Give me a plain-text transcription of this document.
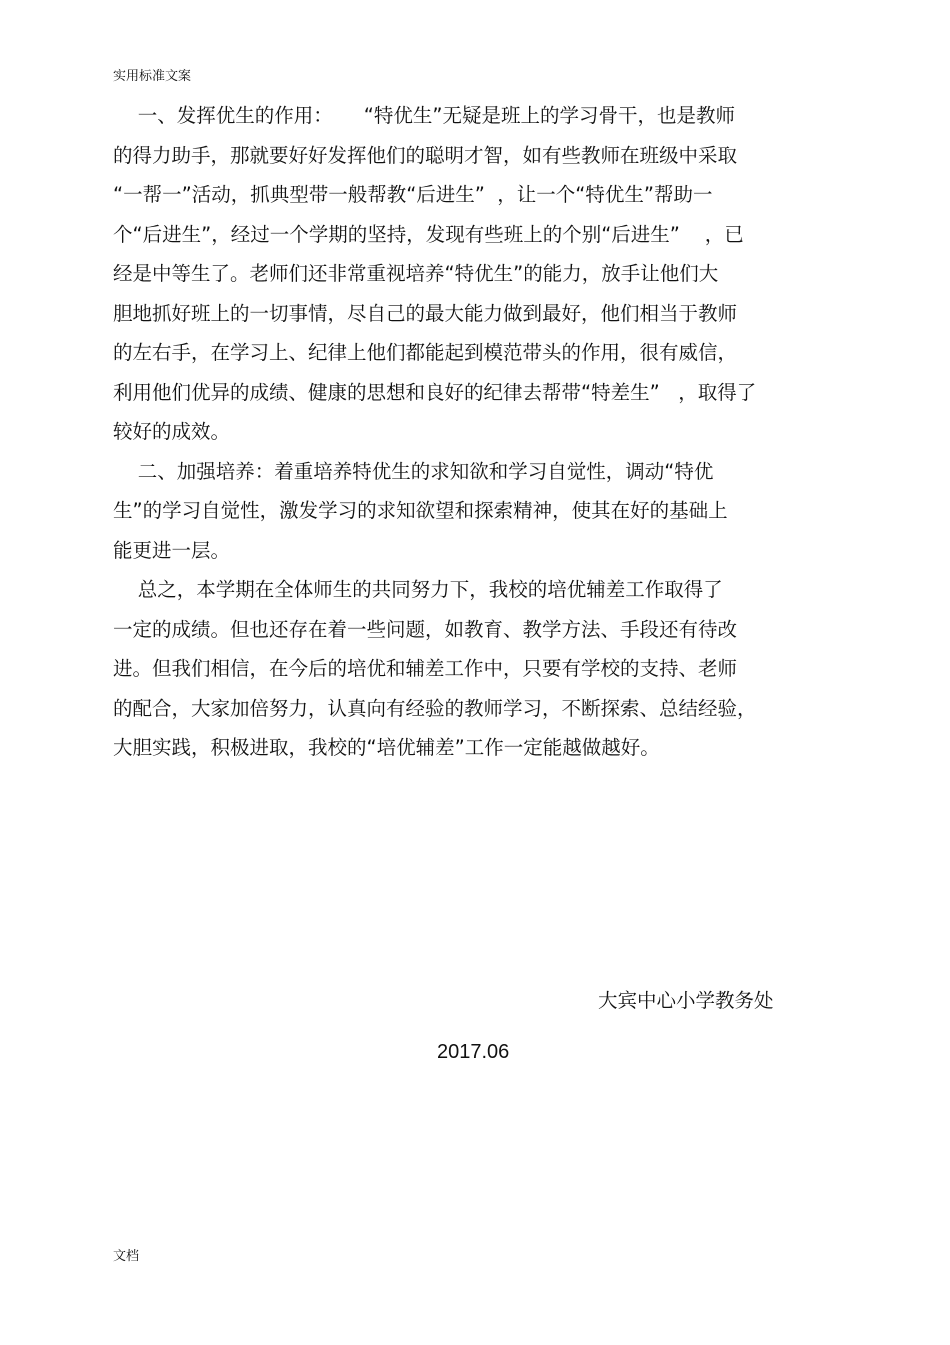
实用标准文案
一、发挥优生的作用：     “特优生”无疑是班上的学习骨干，也是教师
的得力助手，那就要好好发挥他们的聪明才智，如有些教师在班级中采取
“一帮一”活动，抓典型带一般帮教“后进生”  ，让一个“特优生”帮助一
个“后进生”，经过一个学期的坚持，发现有些班上的个别“后进生”    ，已
经是中等生了。老师们还非常重视培养“特优生”的能力，放手让他们大
胆地抓好班上的一切事情，尽自己的最大能力做到最好，他们相当于教师
的左右手，在学习上、纪律上他们都能起到模范带头的作用，很有威信，
利用他们优异的成绩、健康的思想和良好的纪律去帮带“特差生”   ，取得了
较好的成效。
二、加强培养：着重培养特优生的求知欲和学习自觉性，调动“特优
生”的学习自觉性，激发学习的求知欲望和探索精神，使其在好的基础上
能更进一层。
总之，本学期在全体师生的共同努力下，我校的培优辅差工作取得了
一定的成绩。但也还存在着一些问题，如教育、教学方法、手段还有待改
进。但我们相信，在今后的培优和辅差工作中，只要有学校的支持、老师
的配合，大家加倍努力，认真向有经验的教师学习，不断探索、总结经验，
大胆实践，积极进取，我校的“培优辅差”工作一定能越做越好。
大宾中心小学教务处
2017.06
文档
